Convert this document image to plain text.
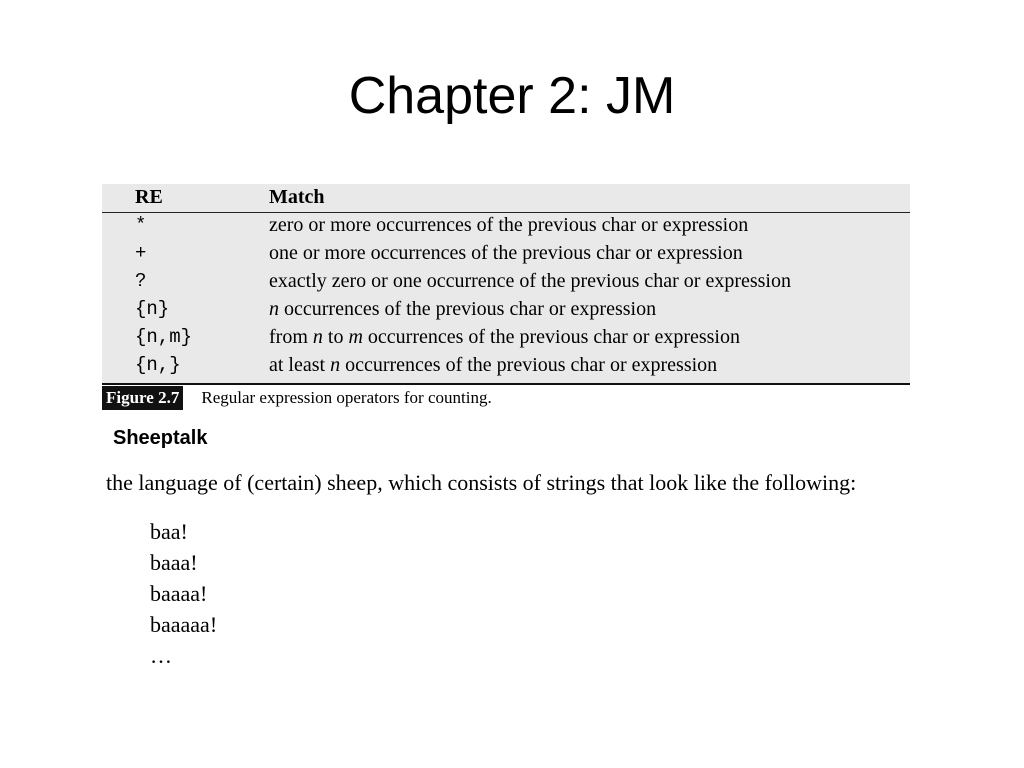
Chapter 2: JM
RE	Match
*	zero or more occurrences of the previous char or expression
+	one or more occurrences of the previous char or expression
?	exactly zero or one occurrence of the previous char or expression
{n}	n occurrences of the previous char or expression
{n,m}	from n to m occurrences of the previous char or expression
{n,}	at least n occurrences of the previous char or expression
Figure 2.7 Regular expression operators for counting.
Sheeptalk
the language of (certain) sheep, which consists of strings that look like the following:
baa!
baaa!
baaaa!
baaaaa!
…
